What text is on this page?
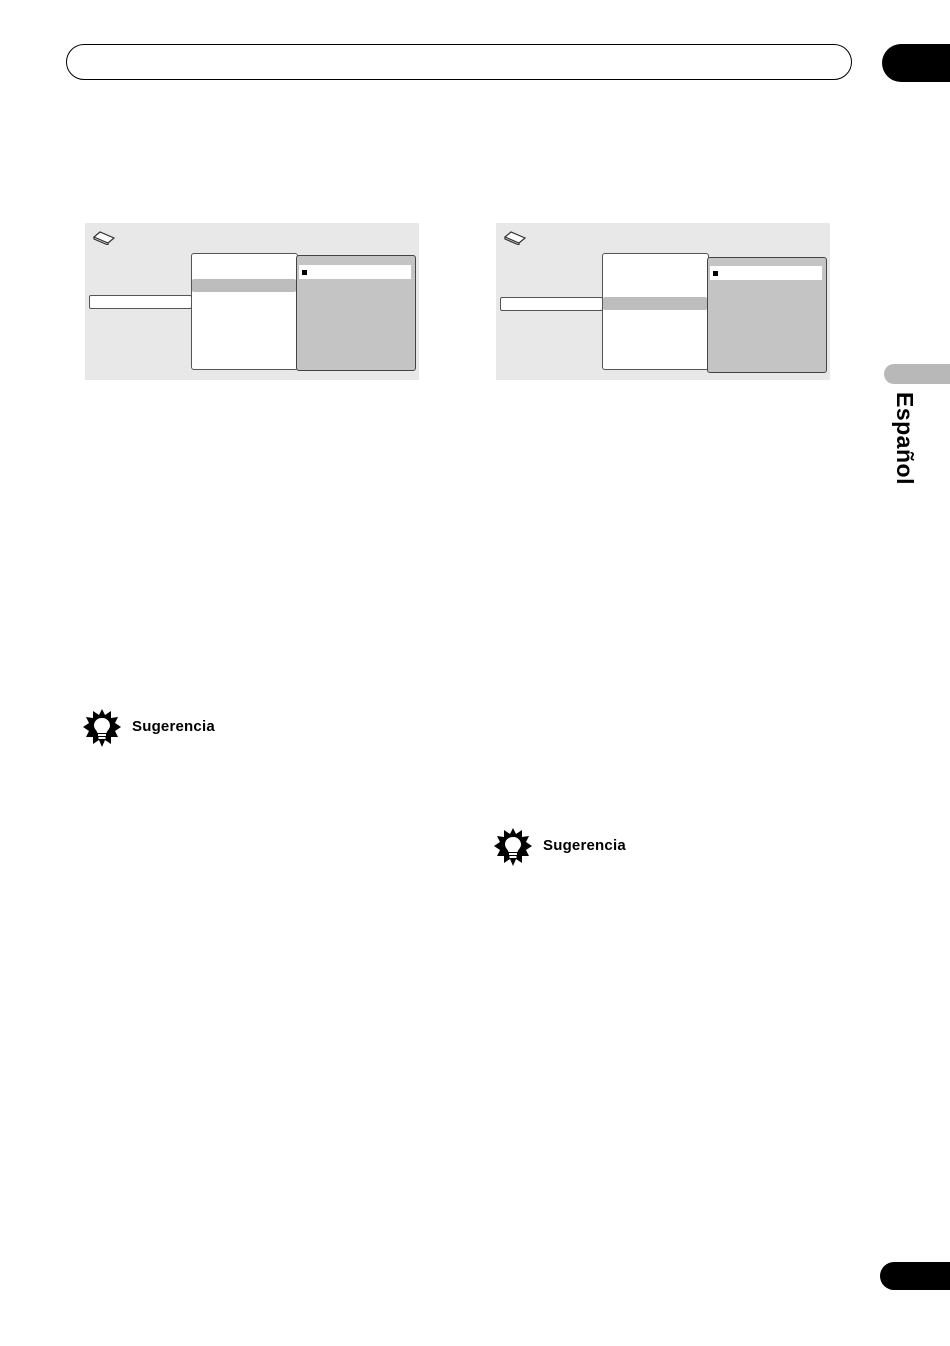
Español
Sugerencia
Sugerencia
